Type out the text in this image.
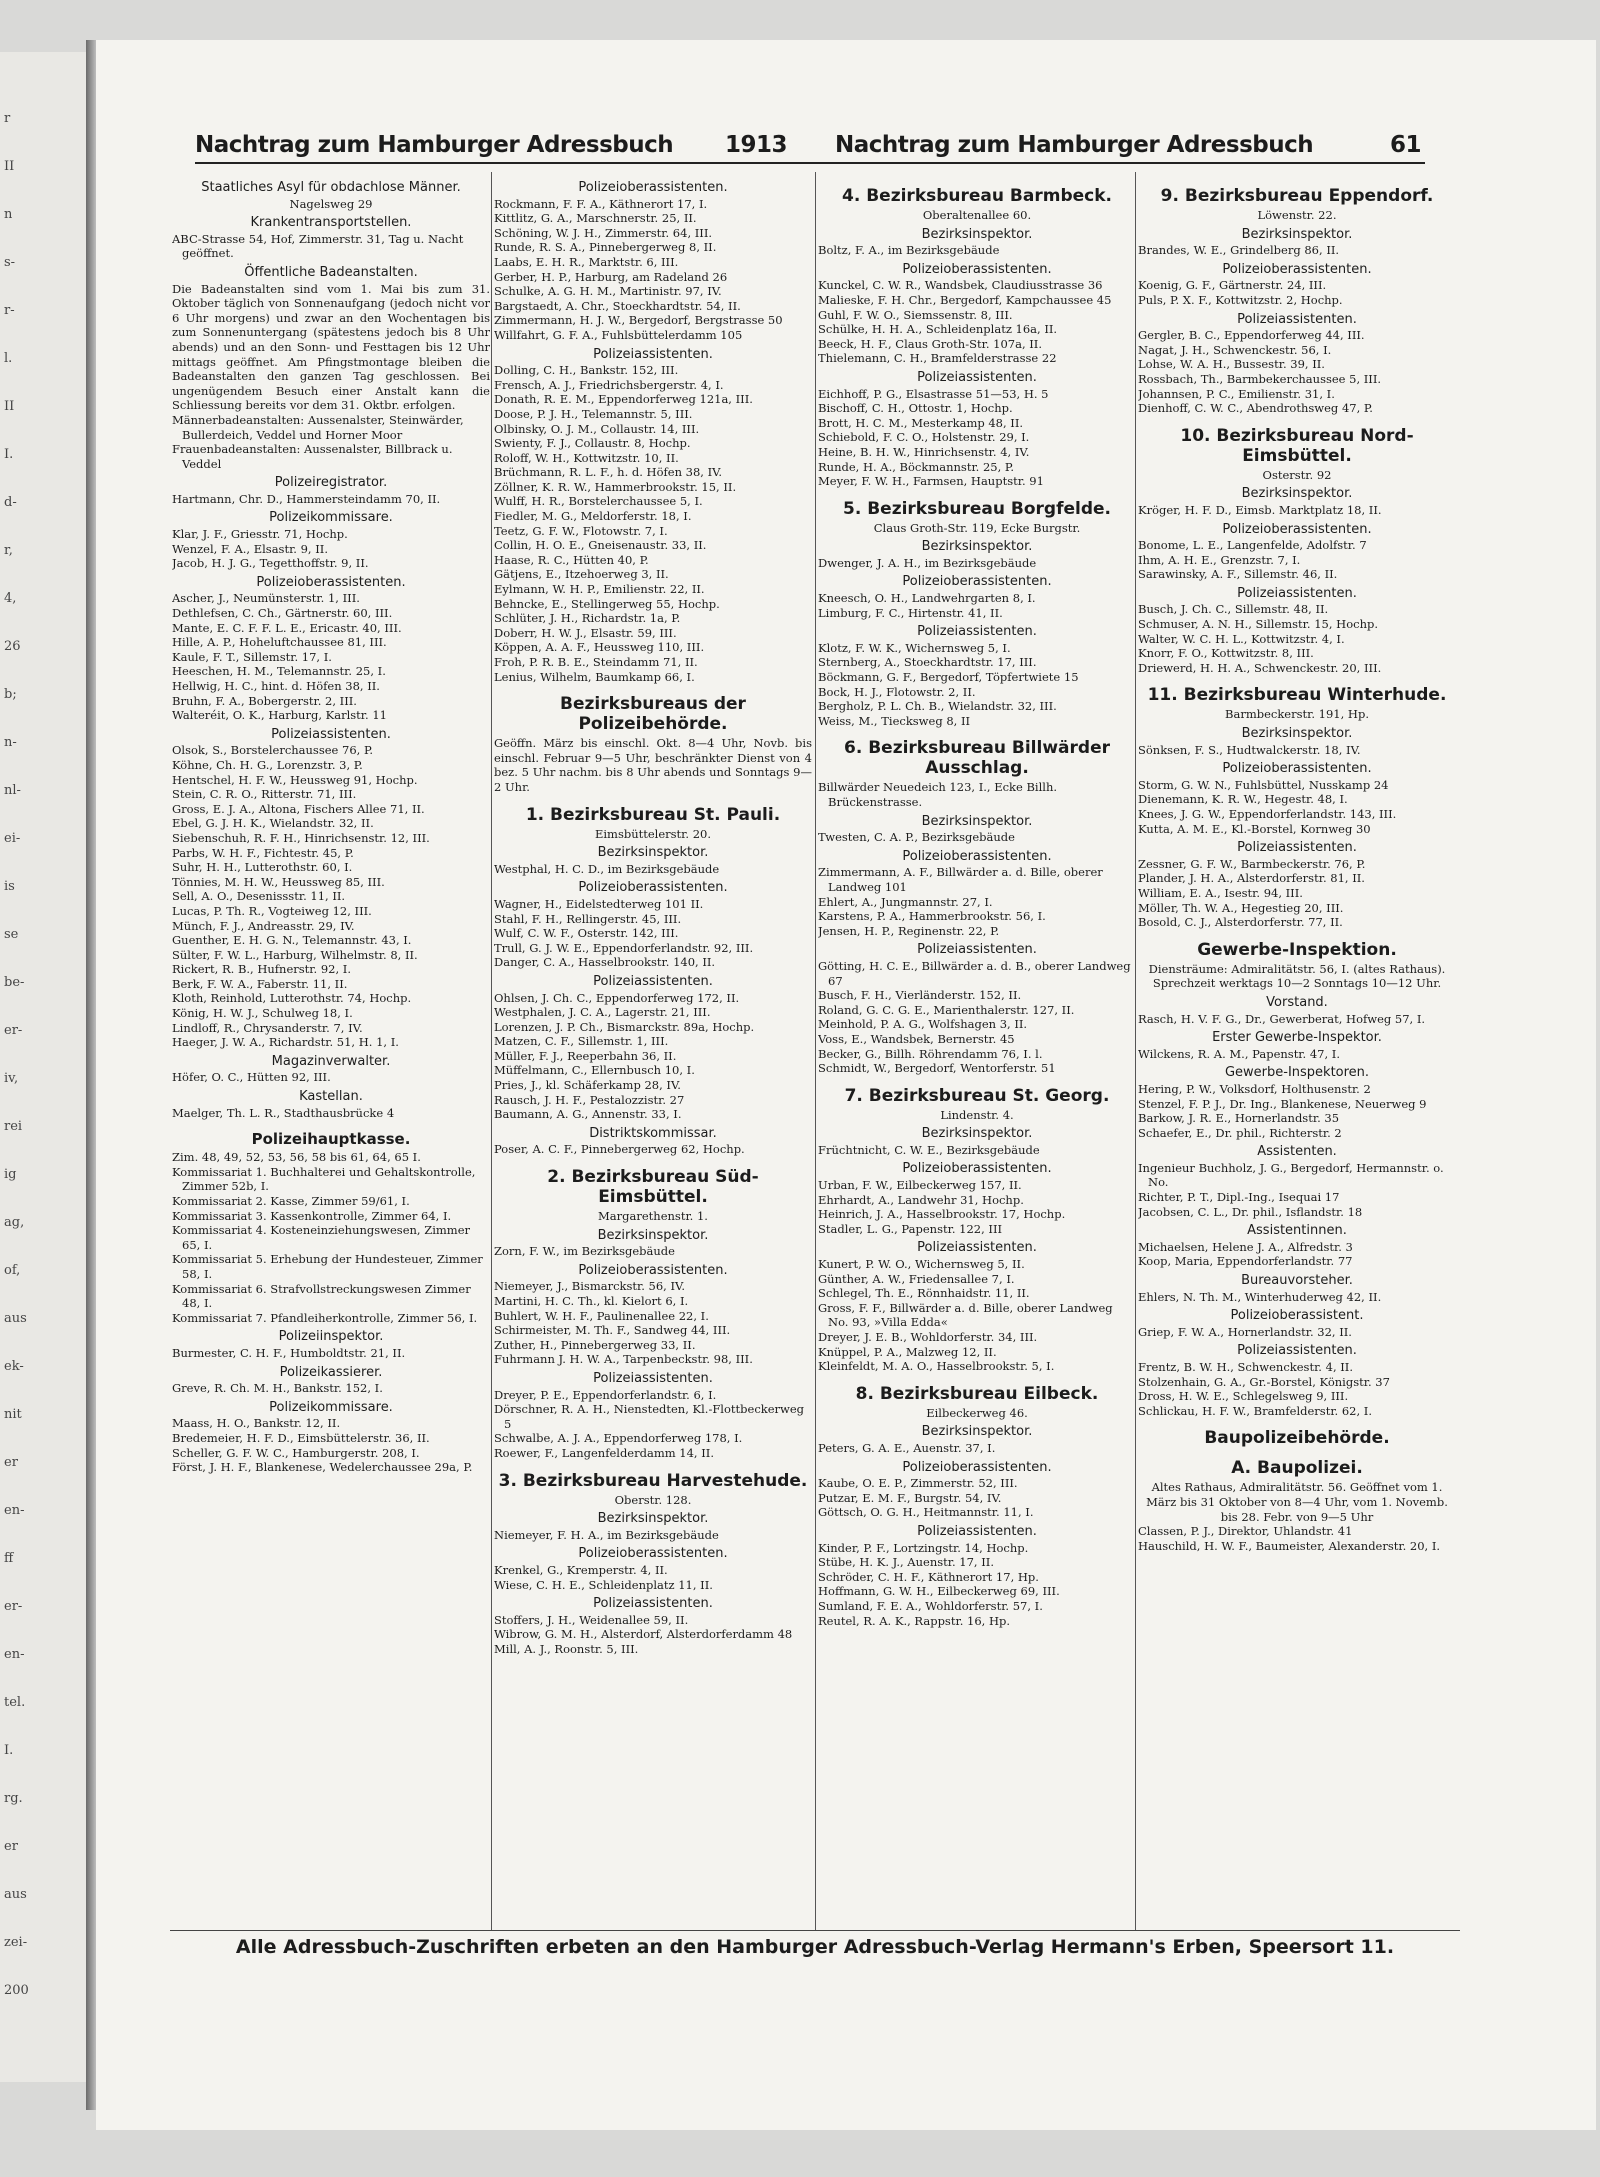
r
II
n
s-
r-
l.
II
I.
d-
r,
4,
26
b;
n-
nl-
ei-
is
se
be-
er-
iv,
rei
ig
ag,
of,
aus
ek-
nit
er
en-
ff
er-
en-
tel.
I.
rg.
er
aus
zei-
200
Nachtrag zum Hamburger Adressbuch 1913 Nachtrag zum Hamburger Adressbuch	61

Staatliches Asyl für obdachlose Männer.

Nagelsweg 29

Krankentransportstellen.

ABC-Strasse 54, Hof, Zimmerstr. 31, Tag u. Nacht geöffnet.

Öffentliche Badeanstalten.

Die Badeanstalten sind vom 1. Mai bis zum 31. Oktober täglich von Sonnenaufgang (jedoch nicht vor 6 Uhr morgens) und zwar an den Wochentagen bis zum Sonnenuntergang (spätestens jedoch bis 8 Uhr abends) und an den Sonn- und Festtagen bis 12 Uhr mittags geöffnet. Am Pfingstmontage bleiben die Badeanstalten den ganzen Tag geschlossen. Bei ungenügendem Besuch einer Anstalt kann die Schliessung bereits vor dem 31. Oktbr. erfolgen.

Männerbadeanstalten: Aussenalster, Steinwärder, Bullerdeich, Veddel und Horner Moor

Frauenbadeanstalten: Aussenalster, Billbrack u. Veddel

Polizeiregistrator.

Hartmann, Chr. D., Hammersteindamm 70, II.

Polizeikommissare.

Klar, J. F., Griesstr. 71, Hochp.

Wenzel, F. A., Elsastr. 9, II.

Jacob, H. J. G., Tegetthoffstr. 9, II.

Polizeioberassistenten.

Ascher, J., Neumünsterstr. 1, III.

Dethlefsen, C. Ch., Gärtnerstr. 60, III.

Mante, E. C. F. F. L. E., Ericastr. 40, III.

Hille, A. P., Hoheluftchaussee 81, III.

Kaule, F. T., Sillemstr. 17, I.

Heeschen, H. M., Telemannstr. 25, I.

Hellwig, H. C., hint. d. Höfen 38, II.

Bruhn, F. A., Bobergerstr. 2, III.

Walteréit, O. K., Harburg, Karlstr. 11

Polizeiassistenten.

Olsok, S., Borstelerchaussee 76, P.

Köhne, Ch. H. G., Lorenzstr. 3, P.

Hentschel, H. F. W., Heussweg 91, Hochp.

Stein, C. R. O., Ritterstr. 71, III.

Gross, E. J. A., Altona, Fischers Allee 71, II.

Ebel, G. J. H. K., Wielandstr. 32, II.

Siebenschuh, R. F. H., Hinrichsenstr. 12, III.

Parbs, W. H. F., Fichtestr. 45, P.

Suhr, H. H., Lutterothstr. 60, I.

Tönnies, M. H. W., Heussweg 85, III.

Sell, A. O., Desenissstr. 11, II.

Lucas, P. Th. R., Vogteiweg 12, III.

Münch, F. J., Andreasstr. 29, IV.

Guenther, E. H. G. N., Telemannstr. 43, I.

Sülter, F. W. L., Harburg, Wilhelmstr. 8, II.

Rickert, R. B., Hufnerstr. 92, I.

Berk, F. W. A., Faberstr. 11, II.

Kloth, Reinhold, Lutterothstr. 74, Hochp.

König, H. W. J., Schulweg 18, I.

Lindloff, R., Chrysanderstr. 7, IV.

Haeger, J. W. A., Richardstr. 51, H. 1, I.

Magazinverwalter.

Höfer, O. C., Hütten 92, III.

Kastellan.

Maelger, Th. L. R., Stadthausbrücke 4

Polizeihauptkasse.

Zim. 48, 49, 52, 53, 56, 58 bis 61, 64, 65 I.

Kommissariat 1. Buchhalterei und Gehaltskontrolle, Zimmer 52b, I.

Kommissariat 2. Kasse, Zimmer 59/61, I.

Kommissariat 3. Kassenkontrolle, Zimmer 64, I.

Kommissariat 4. Kosteneinziehungswesen, Zimmer 65, I.

Kommissariat 5. Erhebung der Hundesteuer, Zimmer 58, I.

Kommissariat 6. Strafvollstreckungswesen Zimmer 48, I.

Kommissariat 7. Pfandleiherkontrolle, Zimmer 56, I.

Polizeiinspektor.

Burmester, C. H. F., Humboldtstr. 21, II.

Polizeikassierer.

Greve, R. Ch. M. H., Bankstr. 152, I.

Polizeikommissare.

Maass, H. O., Bankstr. 12, II.

Bredemeier, H. F. D., Eimsbüttelerstr. 36, II.

Scheller, G. F. W. C., Hamburgerstr. 208, I.

Först, J. H. F., Blankenese, Wedelerchaussee 29a, P.

Polizeioberassistenten.

Rockmann, F. F. A., Käthnerort 17, I.

Kittlitz, G. A., Marschnerstr. 25, II.

Schöning, W. J. H., Zimmerstr. 64, III.

Runde, R. S. A., Pinnebergerweg 8, II.

Laabs, E. H. R., Marktstr. 6, III.

Gerber, H. P., Harburg, am Radeland 26

Schulke, A. G. H. M., Martinistr. 97, IV.

Bargstaedt, A. Chr., Stoeckhardtstr. 54, II.

Zimmermann, H. J. W., Bergedorf, Bergstrasse 50

Willfahrt, G. F. A., Fuhlsbüttelerdamm 105

Polizeiassistenten.

Dolling, C. H., Bankstr. 152, III.

Frensch, A. J., Friedrichsbergerstr. 4, I.

Donath, R. E. M., Eppendorferweg 121a, III.

Doose, P. J. H., Telemannstr. 5, III.

Olbinsky, O. J. M., Collaustr. 14, III.

Swienty, F. J., Collaustr. 8, Hochp.

Roloff, W. H., Kottwitzstr. 10, II.

Brüchmann, R. L. F., h. d. Höfen 38, IV.

Zöllner, K. R. W., Hammerbrookstr. 15, II.

Wulff, H. R., Borstelerchaussee 5, I.

Fiedler, M. G., Meldorferstr. 18, I.

Teetz, G. F. W., Flotowstr. 7, I.

Collin, H. O. E., Gneisenaustr. 33, II.

Haase, R. C., Hütten 40, P.

Gätjens, E., Itzehoerweg 3, II.

Eylmann, W. H. P., Emilienstr. 22, II.

Behncke, E., Stellingerweg 55, Hochp.

Schlüter, J. H., Richardstr. 1a, P.

Doberr, H. W. J., Elsastr. 59, III.

Köppen, A. A. F., Heussweg 110, III.

Froh, P. R. B. E., Steindamm 71, II.

Lenius, Wilhelm, Baumkamp 66, I.

Bezirksbureaus der Polizeibehörde.

Geöffn. März bis einschl. Okt. 8—4 Uhr, Novb. bis einschl. Februar 9—5 Uhr, beschränkter Dienst von 4 bez. 5 Uhr nachm. bis 8 Uhr abends und Sonntags 9—2 Uhr.

1. Bezirksbureau St. Pauli.

Eimsbüttelerstr. 20.

Bezirksinspektor.

Westphal, H. C. D., im Bezirksgebäude

Polizeioberassistenten.

Wagner, H., Eidelstedterweg 101 II.

Stahl, F. H., Rellingerstr. 45, III.

Wulf, C. W. F., Osterstr. 142, III.

Trull, G. J. W. E., Eppendorferlandstr. 92, III.

Danger, C. A., Hasselbrookstr. 140, II.

Polizeiassistenten.

Ohlsen, J. Ch. C., Eppendorferweg 172, II.

Westphalen, J. C. A., Lagerstr. 21, III.

Lorenzen, J. P. Ch., Bismarckstr. 89a, Hochp.

Matzen, C. F., Sillemstr. 1, III.

Müller, F. J., Reeperbahn 36, II.

Müffelmann, C., Ellernbusch 10, I.

Pries, J., kl. Schäferkamp 28, IV.

Rausch, J. H. F., Pestalozzistr. 27

Baumann, A. G., Annenstr. 33, I.

Distriktskommissar.

Poser, A. C. F., Pinnebergerweg 62, Hochp.

2. Bezirksbureau Süd-Eimsbüttel.

Margarethenstr. 1.

Bezirksinspektor.

Zorn, F. W., im Bezirksgebäude

Polizeioberassistenten.

Niemeyer, J., Bismarckstr. 56, IV.

Martini, H. C. Th., kl. Kielort 6, I.

Buhlert, W. H. F., Paulinenallee 22, I.

Schirmeister, M. Th. F., Sandweg 44, III.

Zuther, H., Pinnebergerweg 33, II.

Fuhrmann J. H. W. A., Tarpenbeckstr. 98, III.

Polizeiassistenten.

Dreyer, P. E., Eppendorferlandstr. 6, I.

Dörschner, R. A. H., Nienstedten, Kl.-Flottbeckerweg 5

Schwalbe, A. J. A., Eppendorferweg 178, I.

Roewer, F., Langenfelderdamm 14, II.

3. Bezirksbureau Harvestehude.

Oberstr. 128.

Bezirksinspektor.

Niemeyer, F. H. A., im Bezirksgebäude

Polizeioberassistenten.

Krenkel, G., Kremperstr. 4, II.

Wiese, C. H. E., Schleidenplatz 11, II.

Polizeiassistenten.

Stoffers, J. H., Weidenallee 59, II.

Wibrow, G. M. H., Alsterdorf, Alsterdorferdamm 48

Mill, A. J., Roonstr. 5, III.

4. Bezirksbureau Barmbeck.

Oberaltenallee 60.

Bezirksinspektor.

Boltz, F. A., im Bezirksgebäude

Polizeioberassistenten.

Kunckel, C. W. R., Wandsbek, Claudiusstrasse 36

Malieske, F. H. Chr., Bergedorf, Kampchaussee 45

Guhl, F. W. O., Siemssenstr. 8, III.

Schülke, H. H. A., Schleidenplatz 16a, II.

Beeck, H. F., Claus Groth-Str. 107a, II.

Thielemann, C. H., Bramfelderstrasse 22

Polizeiassistenten.

Eichhoff, P. G., Elsastrasse 51—53, H. 5

Bischoff, C. H., Ottostr. 1, Hochp.

Brott, H. C. M., Mesterkamp 48, II.

Schiebold, F. C. O., Holstenstr. 29, I.

Heine, B. H. W., Hinrichsenstr. 4, IV.

Runde, H. A., Böckmannstr. 25, P.

Meyer, F. W. H., Farmsen, Hauptstr. 91

5. Bezirksbureau Borgfelde.

Claus Groth-Str. 119, Ecke Burgstr.

Bezirksinspektor.

Dwenger, J. A. H., im Bezirksgebäude

Polizeioberassistenten.

Kneesch, O. H., Landwehrgarten 8, I.

Limburg, F. C., Hirtenstr. 41, II.

Polizeiassistenten.

Klotz, F. W. K., Wichernsweg 5, I.

Sternberg, A., Stoeckhardtstr. 17, III.

Böckmann, G. F., Bergedorf, Töpfertwiete 15

Bock, H. J., Flotowstr. 2, II.

Bergholz, P. L. Ch. B., Wielandstr. 32, III.

Weiss, M., Tiecksweg 8, II

6. Bezirksbureau Billwärder Ausschlag.

Billwärder Neuedeich 123, I., Ecke Billh. Brückenstrasse.

Bezirksinspektor.

Twesten, C. A. P., Bezirksgebäude

Polizeioberassistenten.

Zimmermann, A. F., Billwärder a. d. Bille, oberer Landweg 101

Ehlert, A., Jungmannstr. 27, I.

Karstens, P. A., Hammerbrookstr. 56, I.

Jensen, H. P., Reginenstr. 22, P.

Polizeiassistenten.

Götting, H. C. E., Billwärder a. d. B., oberer Landweg 67

Busch, F. H., Vierländerstr. 152, II.

Roland, G. C. G. E., Marienthalerstr. 127, II.

Meinhold, P. A. G., Wolfshagen 3, II.

Voss, E., Wandsbek, Bernerstr. 45

Becker, G., Billh. Röhrendamm 76, I. l.

Schmidt, W., Bergedorf, Wentorferstr. 51

7. Bezirksbureau St. Georg.

Lindenstr. 4.

Bezirksinspektor.

Früchtnicht, C. W. E., Bezirksgebäude

Polizeioberassistenten.

Urban, F. W., Eilbeckerweg 157, II.

Ehrhardt, A., Landwehr 31, Hochp.

Heinrich, J. A., Hasselbrookstr. 17, Hochp.

Stadler, L. G., Papenstr. 122, III

Polizeiassistenten.

Kunert, P. W. O., Wichernsweg 5, II.

Günther, A. W., Friedensallee 7, I.

Schlegel, Th. E., Rönnhaidstr. 11, II.

Gross, F. F., Billwärder a. d. Bille, oberer Landweg No. 93, »Villa Edda«

Dreyer, J. E. B., Wohldorferstr. 34, III.

Knüppel, P. A., Malzweg 12, II.

Kleinfeldt, M. A. O., Hasselbrookstr. 5, I.

8. Bezirksbureau Eilbeck.

Eilbeckerweg 46.

Bezirksinspektor.

Peters, G. A. E., Auenstr. 37, I.

Polizeioberassistenten.

Kaube, O. E. P., Zimmerstr. 52, III.

Putzar, E. M. F., Burgstr. 54, IV.

Göttsch, O. G. H., Heitmannstr. 11, I.

Polizeiassistenten.

Kinder, P. F., Lortzingstr. 14, Hochp.

Stübe, H. K. J., Auenstr. 17, II.

Schröder, C. H. F., Käthnerort 17, Hp.

Hoffmann, G. W. H., Eilbeckerweg 69, III.

Sumland, F. E. A., Wohldorferstr. 57, I.

Reutel, R. A. K., Rappstr. 16, Hp.

9. Bezirksbureau Eppendorf.

Löwenstr. 22.

Bezirksinspektor.

Brandes, W. E., Grindelberg 86, II.

Polizeioberassistenten.

Koenig, G. F., Gärtnerstr. 24, III.

Puls, P. X. F., Kottwitzstr. 2, Hochp.

Polizeiassistenten.

Gergler, B. C., Eppendorferweg 44, III.

Nagat, J. H., Schwenckestr. 56, I.

Lohse, W. A. H., Bussestr. 39, II.

Rossbach, Th., Barmbekerchaussee 5, III.

Johannsen, P. C., Emilienstr. 31, I.

Dienhoff, C. W. C., Abendrothsweg 47, P.

10. Bezirksbureau Nord-Eimsbüttel.

Osterstr. 92

Bezirksinspektor.

Kröger, H. F. D., Eimsb. Marktplatz 18, II.

Polizeioberassistenten.

Bonome, L. E., Langenfelde, Adolfstr. 7

Ihm, A. H. E., Grenzstr. 7, I.

Sarawinsky, A. F., Sillemstr. 46, II.

Polizeiassistenten.

Busch, J. Ch. C., Sillemstr. 48, II.

Schmuser, A. N. H., Sillemstr. 15, Hochp.

Walter, W. C. H. L., Kottwitzstr. 4, I.

Knorr, F. O., Kottwitzstr. 8, III.

Driewerd, H. H. A., Schwenckestr. 20, III.

11. Bezirksbureau Winterhude.

Barmbeckerstr. 191, Hp.

Bezirksinspektor.

Sönksen, F. S., Hudtwalckerstr. 18, IV.

Polizeioberassistenten.

Storm, G. W. N., Fuhlsbüttel, Nusskamp 24

Dienemann, K. R. W., Hegestr. 48, I.

Knees, J. G. W., Eppendorferlandstr. 143, III.

Kutta, A. M. E., Kl.-Borstel, Kornweg 30

Polizeiassistenten.

Zessner, G. F. W., Barmbeckerstr. 76, P.

Plander, J. H. A., Alsterdorferstr. 81, II.

William, E. A., Isestr. 94, III.

Möller, Th. W. A., Hegestieg 20, III.

Bosold, C. J., Alsterdorferstr. 77, II.

Gewerbe-Inspektion.

Diensträume: Admiralitätstr. 56, I. (altes Rathaus). Sprechzeit werktags 10—2 Sonntags 10—12 Uhr.

Vorstand.

Rasch, H. V. F. G., Dr., Gewerberat, Hofweg 57, I.

Erster Gewerbe-Inspektor.

Wilckens, R. A. M., Papenstr. 47, I.

Gewerbe-Inspektoren.

Hering, P. W., Volksdorf, Holthusenstr. 2

Stenzel, F. P. J., Dr. Ing., Blankenese, Neuerweg 9

Barkow, J. R. E., Hornerlandstr. 35

Schaefer, E., Dr. phil., Richterstr. 2

Assistenten.

Ingenieur Buchholz, J. G., Bergedorf, Hermannstr. o. No.

Richter, P. T., Dipl.-Ing., Isequai 17

Jacobsen, C. L., Dr. phil., Isflandstr. 18

Assistentinnen.

Michaelsen, Helene J. A., Alfredstr. 3

Koop, Maria, Eppendorferlandstr. 77

Bureauvorsteher.

Ehlers, N. Th. M., Winterhuderweg 42, II.

Polizeioberassistent.

Griep, F. W. A., Hornerlandstr. 32, II.

Polizeiassistenten.

Frentz, B. W. H., Schwenckestr. 4, II.

Stolzenhain, G. A., Gr.-Borstel, Königstr. 37

Dross, H. W. E., Schlegelsweg 9, III.

Schlickau, H. F. W., Bramfelderstr. 62, I.

Baupolizeibehörde.

A. Baupolizei.

Altes Rathaus, Admiralitätstr. 56. Geöffnet vom 1. März bis 31 Oktober von 8—4 Uhr, vom 1. Novemb. bis 28. Febr. von 9—5 Uhr

Classen, P. J., Direktor, Uhlandstr. 41

Hauschild, H. W. F., Baumeister, Alexanderstr. 20, I.

Alle Adressbuch-Zuschriften erbeten an den Hamburger Adressbuch-Verlag Hermann's Erben, Speersort 11.
